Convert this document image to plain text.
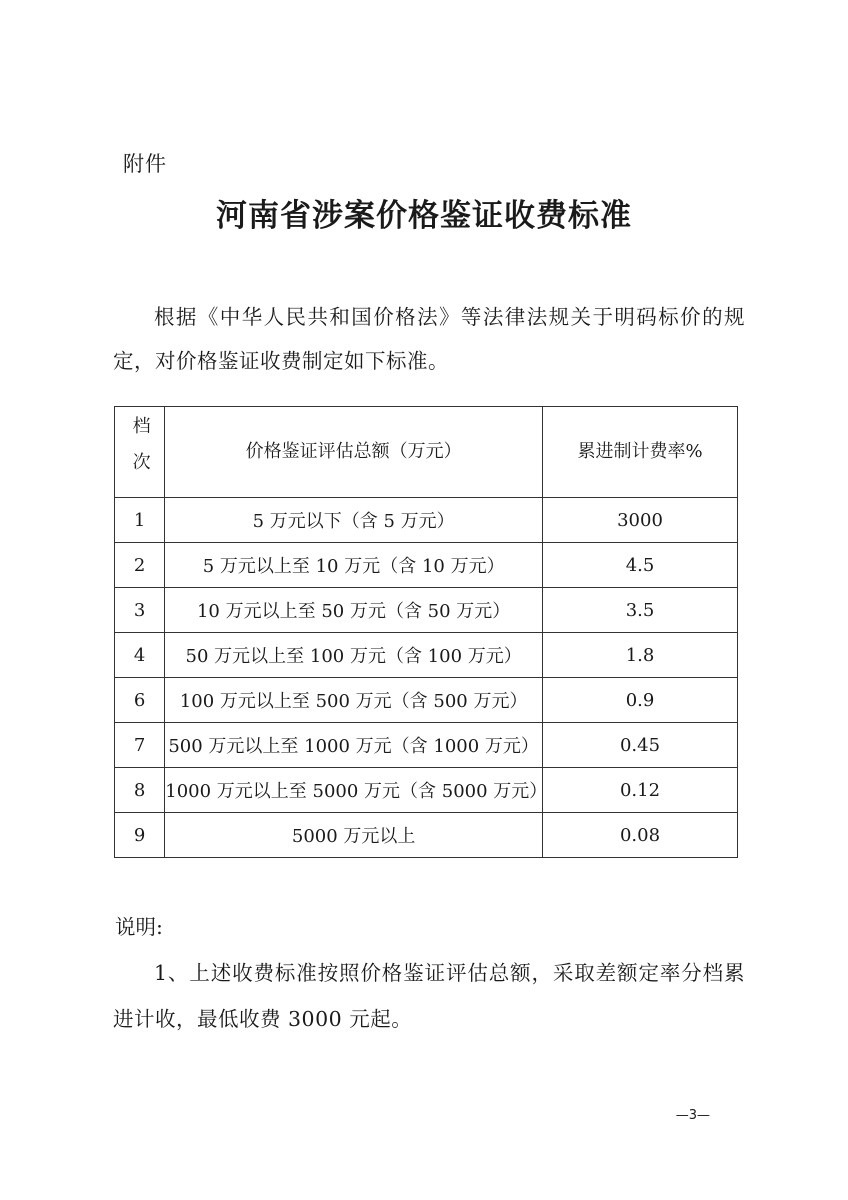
附件
河南省涉案价格鉴证收费标准
根据《中华人民共和国价格法》等法律法规关于明码标价的规定，对价格鉴证收费制定如下标准。
档次	价格鉴证评估总额（万元）	累进制计费率%
1	5 万元以下（含 5 万元）	3000
2	5 万元以上至 10 万元（含 10 万元）	4.5
3	10 万元以上至 50 万元（含 50 万元）	3.5
4	50 万元以上至 100 万元（含 100 万元）	1.8
6	100 万元以上至 500 万元（含 500 万元）	0.9
7	500 万元以上至 1000 万元（含 1000 万元）	0.45
8	1000 万元以上至 5000 万元（含 5000 万元）	0.12
9	5000 万元以上	0.08
说明:
1、上述收费标准按照价格鉴证评估总额，采取差额定率分档累进计收，最低收费 3000 元起。
—3—
